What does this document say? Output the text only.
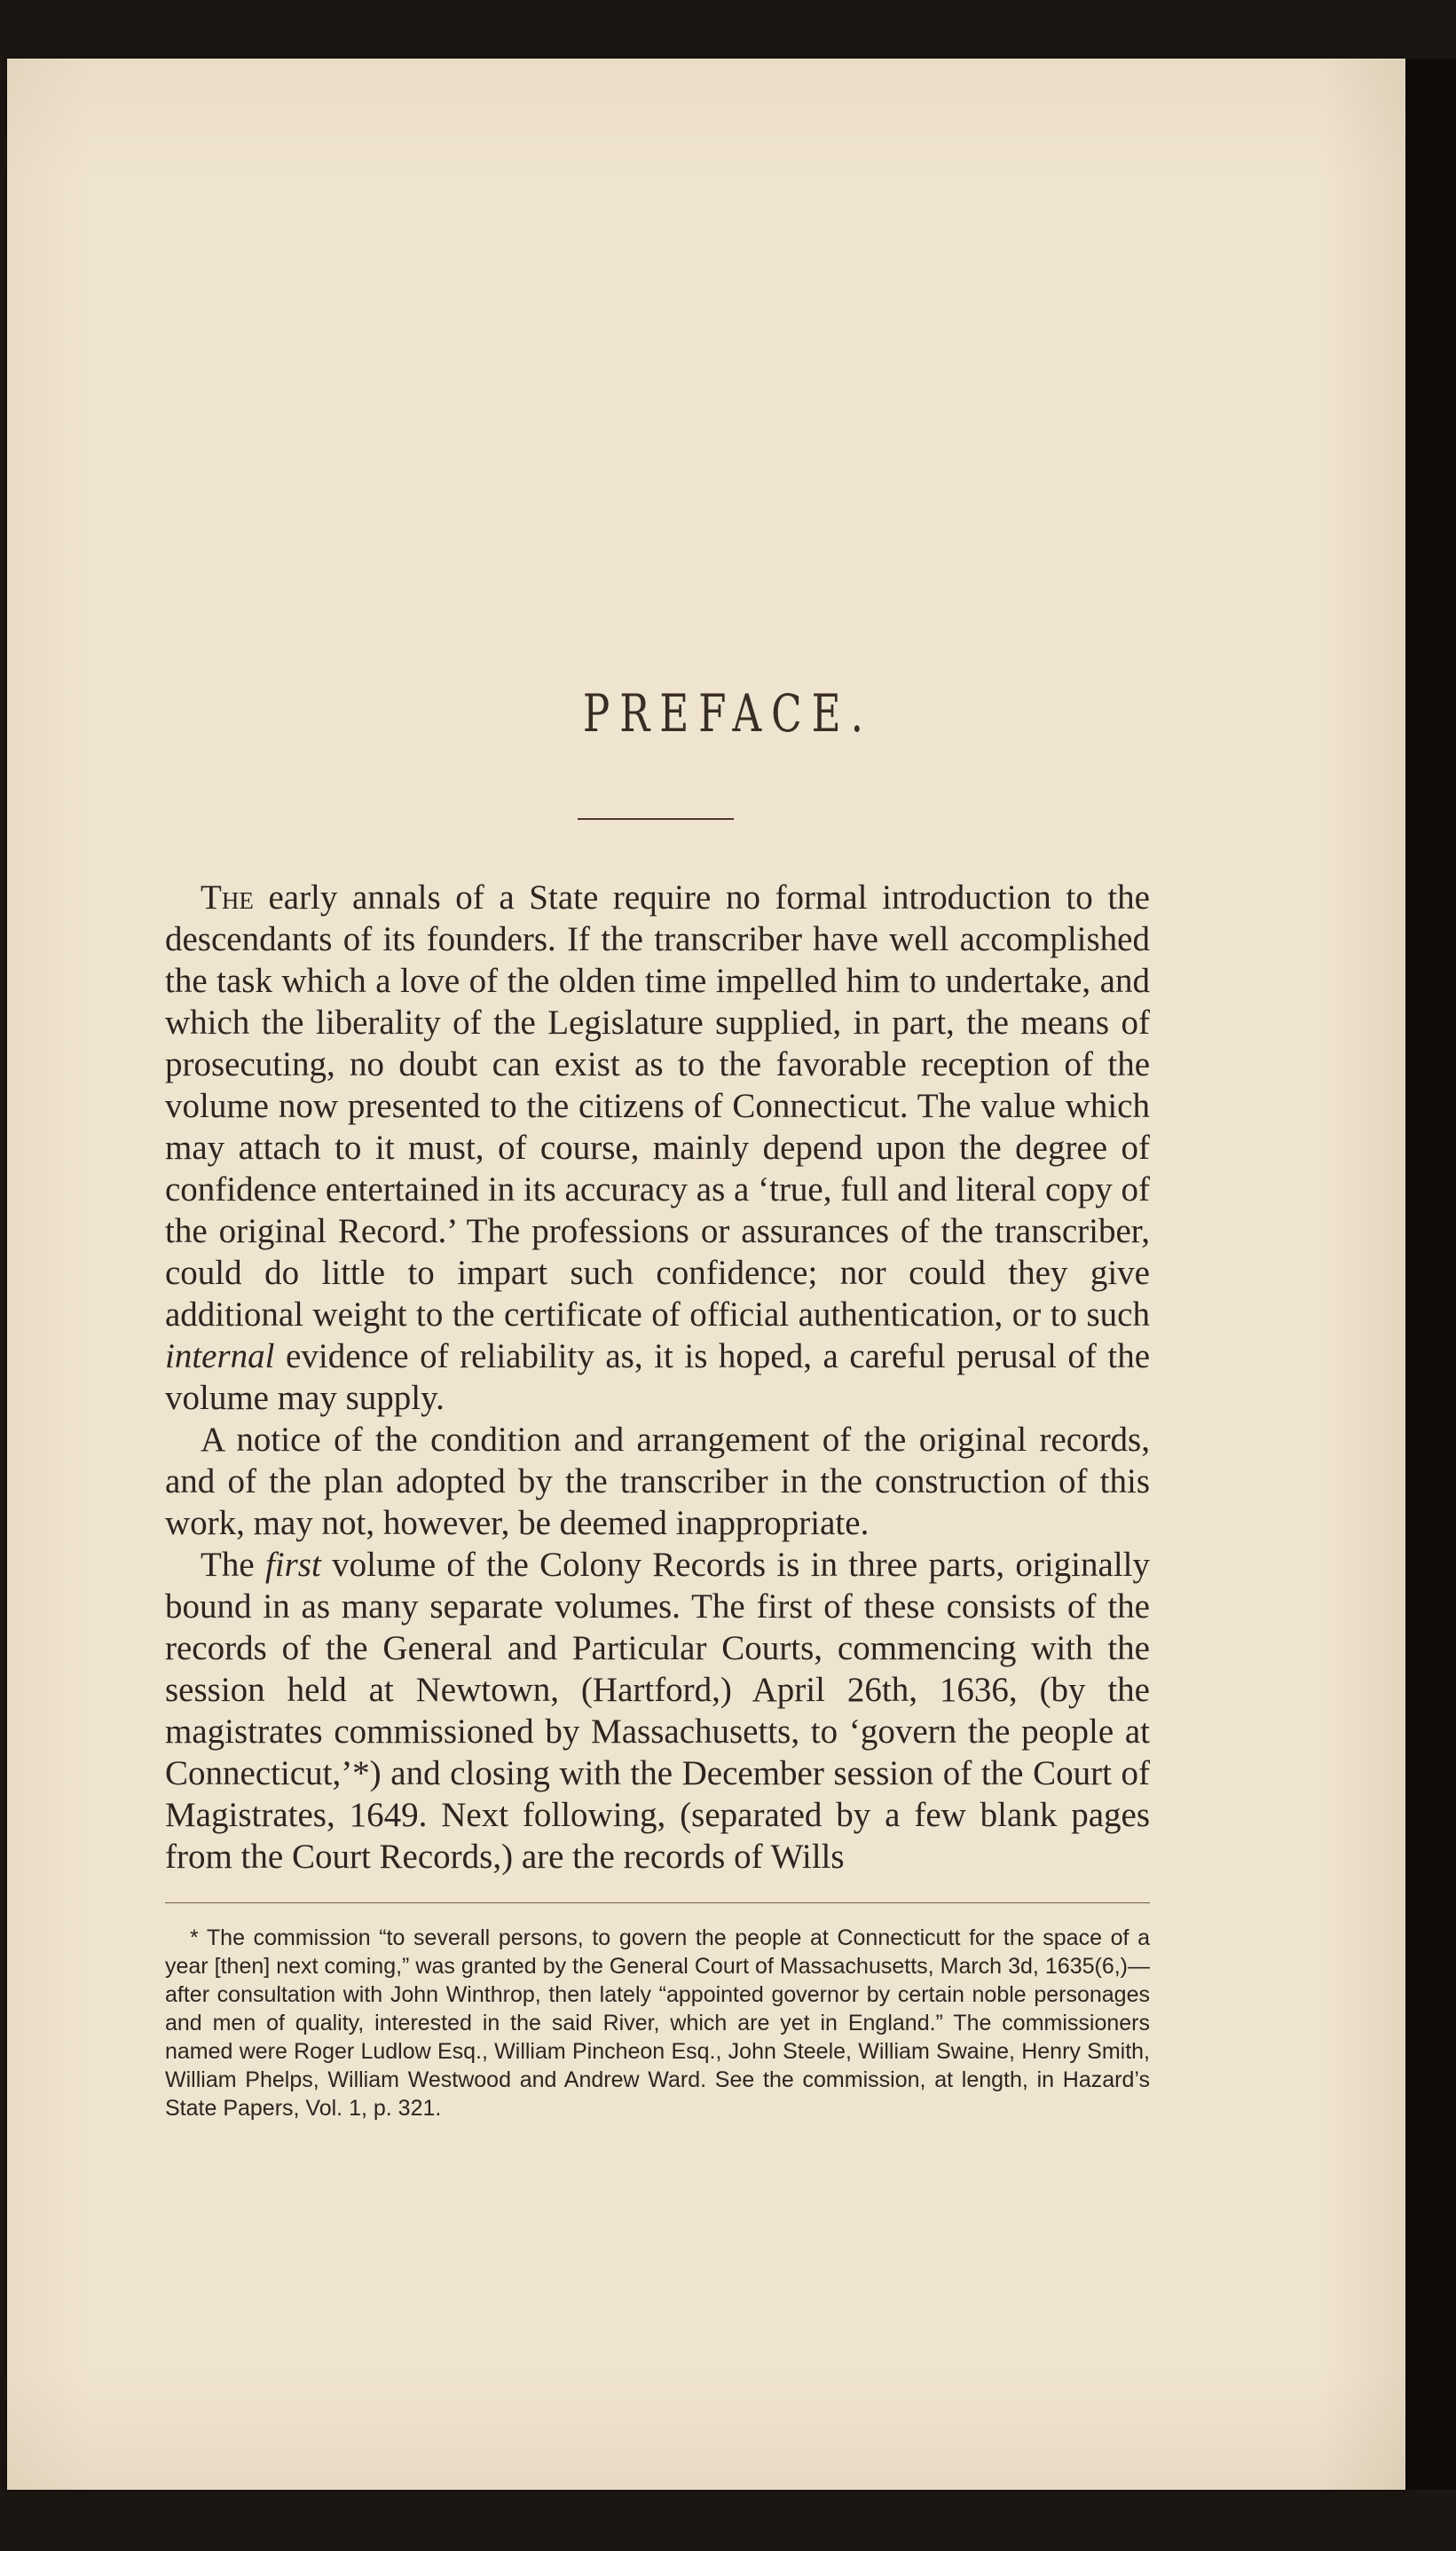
PREFACE.

The early annals of a State require no formal introduction to the descendants of its founders. If the transcriber have well accomplished the task which a love of the olden time impelled him to undertake, and which the liberality of the Legislature supplied, in part, the means of prosecuting, no doubt can exist as to the favorable reception of the volume now presented to the citizens of Connecticut. The value which may attach to it must, of course, mainly depend upon the degree of confidence entertained in its accuracy as a ‘true, full and literal copy of the original Record.’ The professions or assurances of the transcriber, could do little to impart such confidence; nor could they give additional weight to the certificate of official authentication, or to such internal evidence of reliability as, it is hoped, a careful perusal of the volume may supply.

A notice of the condition and arrangement of the original records, and of the plan adopted by the transcriber in the construction of this work, may not, however, be deemed inappropriate.

The first volume of the Colony Records is in three parts, originally bound in as many separate volumes. The first of these consists of the records of the General and Particular Courts, commencing with the session held at Newtown, (Hartford,) April 26th, 1636, (by the magistrates commissioned by Massachusetts, to ‘govern the people at Connecticut,’*) and closing with the December session of the Court of Magistrates, 1649. Next following, (separated by a few blank pages from the Court Records,) are the records of Wills

* The commission “to severall persons, to govern the people at Connecticutt for the space of a year [then] next coming,” was granted by the General Court of Massachusetts, March 3d, 1635(6,)—after consultation with John Winthrop, then lately “appointed governor by certain noble personages and men of quality, interested in the said River, which are yet in England.” The commissioners named were Roger Ludlow Esq., William Pincheon Esq., John Steele, William Swaine, Henry Smith, William Phelps, William Westwood and Andrew Ward. See the commission, at length, in Hazard’s State Papers, Vol. 1, p. 321.
